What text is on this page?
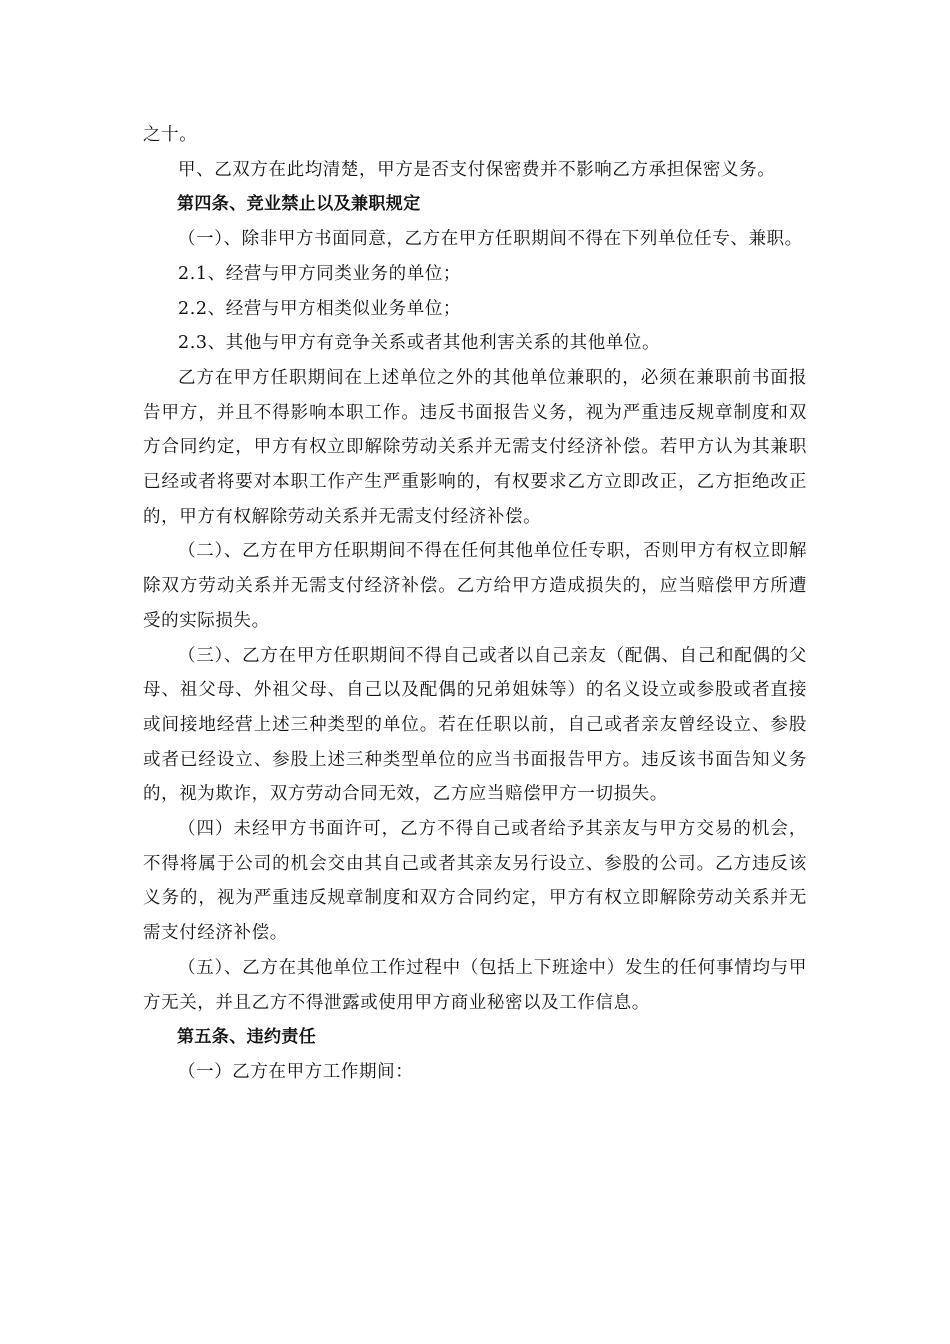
之十。

甲、乙双方在此均清楚，甲方是否支付保密费并不影响乙方承担保密义务。

第四条、竞业禁止以及兼职规定

（一）、除非甲方书面同意，乙方在甲方任职期间不得在下列单位任专、兼职。

2.1、经营与甲方同类业务的单位；

2.2、经营与甲方相类似业务单位；

2.3、其他与甲方有竞争关系或者其他利害关系的其他单位。

乙方在甲方任职期间在上述单位之外的其他单位兼职的，必须在兼职前书面报告甲方，并且不得影响本职工作。违反书面报告义务，视为严重违反规章制度和双方合同约定，甲方有权立即解除劳动关系并无需支付经济补偿。若甲方认为其兼职已经或者将要对本职工作产生严重影响的，有权要求乙方立即改正，乙方拒绝改正的，甲方有权解除劳动关系并无需支付经济补偿。

（二）、乙方在甲方任职期间不得在任何其他单位任专职，否则甲方有权立即解除双方劳动关系并无需支付经济补偿。乙方给甲方造成损失的，应当赔偿甲方所遭受的实际损失。

（三）、乙方在甲方任职期间不得自己或者以自己亲友（配偶、自己和配偶的父母、祖父母、外祖父母、自己以及配偶的兄弟姐妹等）的名义设立或参股或者直接或间接地经营上述三种类型的单位。若在任职以前，自己或者亲友曾经设立、参股或者已经设立、参股上述三种类型单位的应当书面报告甲方。违反该书面告知义务的，视为欺诈，双方劳动合同无效，乙方应当赔偿甲方一切损失。

（四）未经甲方书面许可，乙方不得自己或者给予其亲友与甲方交易的机会，不得将属于公司的机会交由其自己或者其亲友另行设立、参股的公司。乙方违反该义务的，视为严重违反规章制度和双方合同约定，甲方有权立即解除劳动关系并无需支付经济补偿。

（五）、乙方在其他单位工作过程中（包括上下班途中）发生的任何事情均与甲方无关，并且乙方不得泄露或使用甲方商业秘密以及工作信息。

第五条、违约责任

（一）乙方在甲方工作期间：
